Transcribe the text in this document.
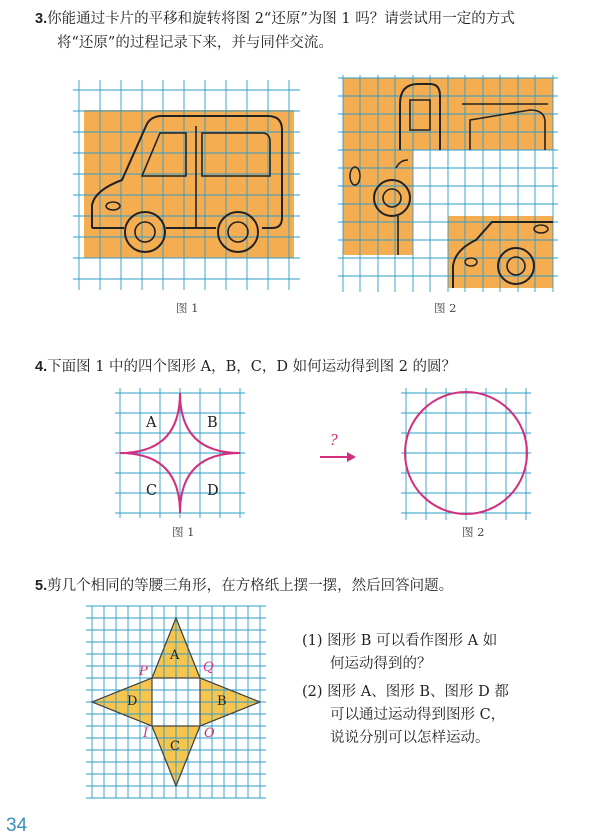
3.你能通过卡片的平移和旋转将图 2“还原”为图 1 吗？请尝试用一定的方式
将“还原”的过程记录下来，并与同伴交流。
图 1	图 2
4.下面图 1 中的四个图形 A，B，C，D 如何运动得到图 2 的圆？
A	B
C	D
?
图 1	图 2
5.剪几个相同的等腰三角形，在方格纸上摆一摆，然后回答问题。
A
B
C
D
P	Q
I	O
(1) 图形 B 可以看作图形 A 如
何运动得到的？
(2) 图形 A、图形 B、图形 D 都
可以通过运动得到图形 C，
说说分别可以怎样运动。
34
